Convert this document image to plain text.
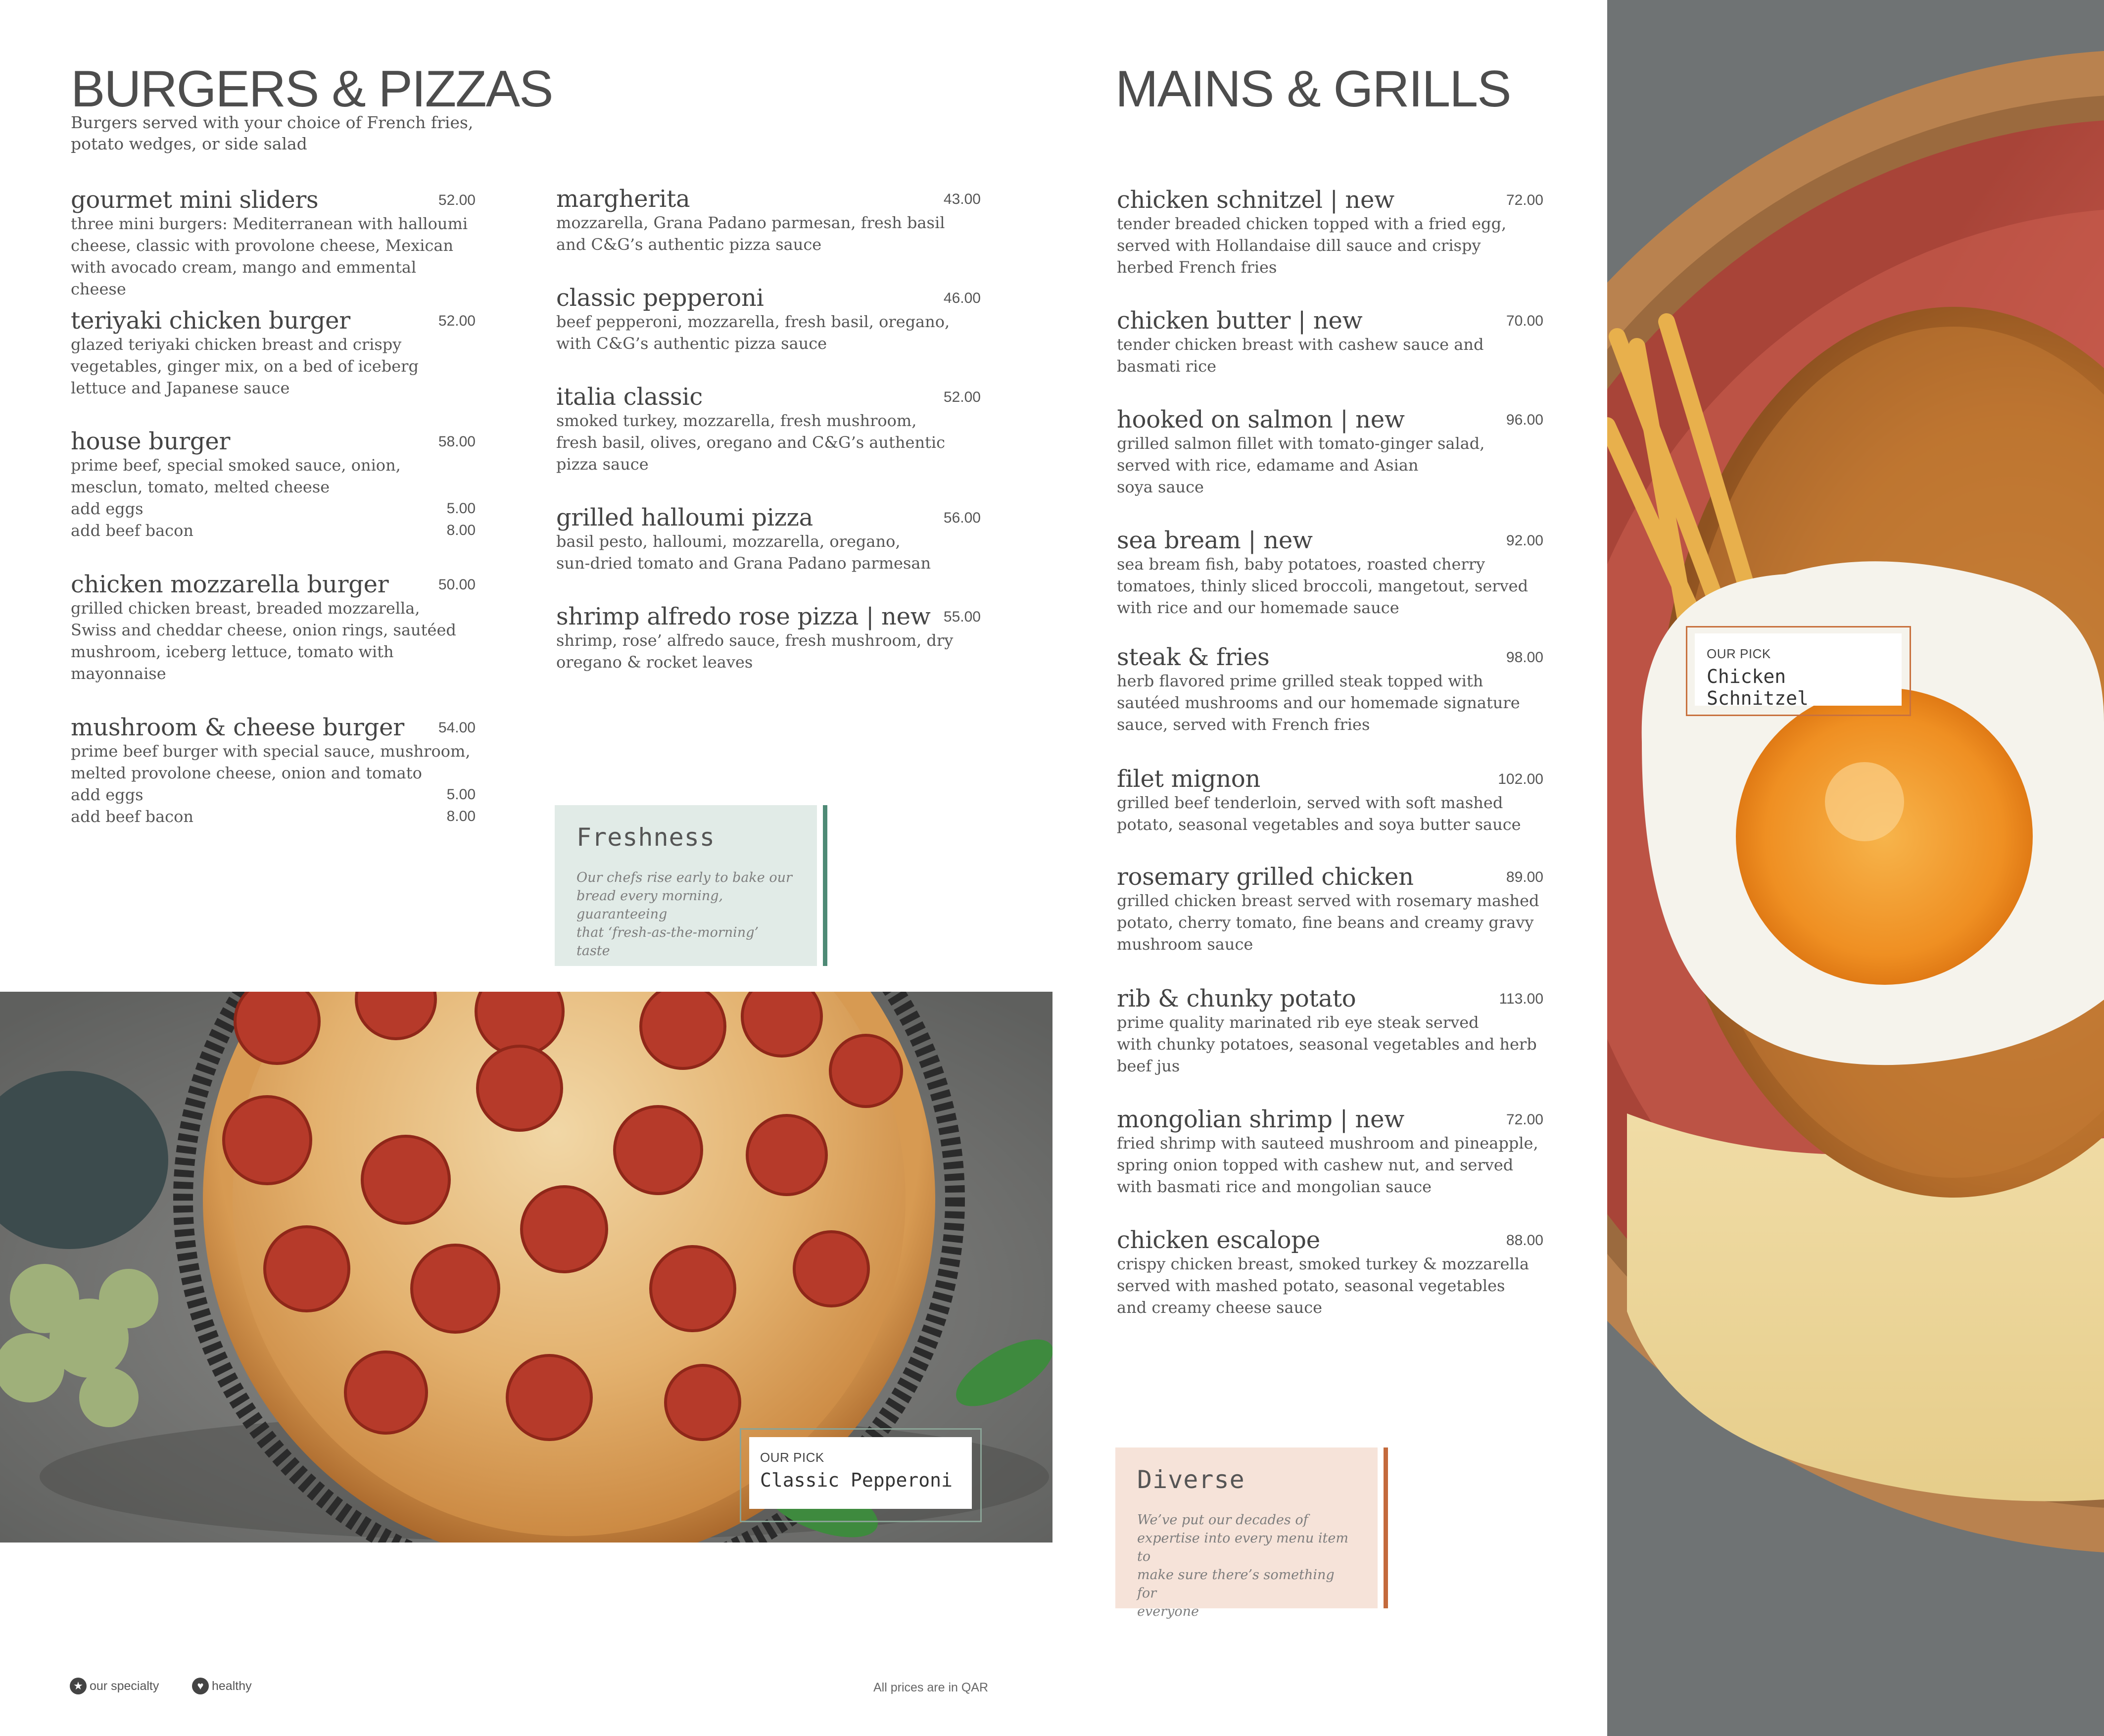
BURGERS & PIZZAS
Burgers served with your choice of French fries,
potato wedges, or side salad
gourmet mini sliders	52.00
three mini burgers: Mediterranean with halloumi
cheese, classic with provolone cheese, Mexican
with avocado cream, mango and emmental cheese
teriyaki chicken burger	52.00
glazed teriyaki chicken breast and crispy
vegetables, ginger mix, on a bed of iceberg
lettuce and Japanese sauce
house burger	58.00
prime beef, special smoked sauce, onion,
mesclun, tomato, melted cheese
add eggs	5.00
add beef bacon	8.00
chicken mozzarella burger	50.00
grilled chicken breast, breaded mozzarella,
Swiss and cheddar cheese, onion rings, sautéed
mushroom, iceberg lettuce, tomato with
mayonnaise
mushroom & cheese burger	54.00
prime beef burger with special sauce, mushroom,
melted provolone cheese, onion and tomato
add eggs	5.00
add beef bacon	8.00
margherita	43.00
mozzarella, Grana Padano parmesan, fresh basil
and C&G’s authentic pizza sauce
classic pepperoni	46.00
beef pepperoni, mozzarella, fresh basil, oregano,
with C&G’s authentic pizza sauce
italia classic	52.00
smoked turkey, mozzarella, fresh mushroom,
fresh basil, olives, oregano and C&G’s authentic
pizza sauce
grilled halloumi pizza	56.00
basil pesto, halloumi, mozzarella, oregano,
sun-dried tomato and Grana Padano parmesan
shrimp alfredo rose pizza | new 55.00
shrimp, rose’ alfredo sauce, fresh mushroom, dry
oregano & rocket leaves
Freshness
Our chefs rise early to bake our
bread every morning, guaranteeing
that ‘fresh-as-the-morning’ taste
OUR PICK
Classic Pepperoni
MAINS & GRILLS
chicken schnitzel | new	72.00
tender breaded chicken topped with a fried egg,
served with Hollandaise dill sauce and crispy
herbed French fries
chicken butter | new	70.00
tender chicken breast with cashew sauce and
basmati rice
hooked on salmon | new	96.00
grilled salmon fillet with tomato-ginger salad,
served with rice, edamame and Asian
soya sauce
sea bream | new	92.00
sea bream fish, baby potatoes, roasted cherry
tomatoes, thinly sliced broccoli, mangetout, served
with rice and our homemade sauce
steak & fries	98.00
herb flavored prime grilled steak topped with
sautéed mushrooms and our homemade signature
sauce, served with French fries
filet mignon	102.00
grilled beef tenderloin, served with soft mashed
potato, seasonal vegetables and soya butter sauce
rosemary grilled chicken	89.00
grilled chicken breast served with rosemary mashed
potato, cherry tomato, fine beans and creamy gravy
mushroom sauce
rib & chunky potato	113.00
prime quality marinated rib eye steak served
with chunky potatoes, seasonal vegetables and herb
beef jus
mongolian shrimp | new	72.00
fried shrimp with sauteed mushroom and pineapple,
spring onion topped with cashew nut, and served
with basmati rice and mongolian sauce
chicken escalope	88.00
crispy chicken breast, smoked turkey & mozzarella
served with mashed potato, seasonal vegetables
and creamy cheese sauce
Diverse
We’ve put our decades of
expertise into every menu item to
make sure there’s something for
everyone
OUR PICK
Chicken Schnitzel
★ our specialty	♥ healthy	All prices are in QAR
